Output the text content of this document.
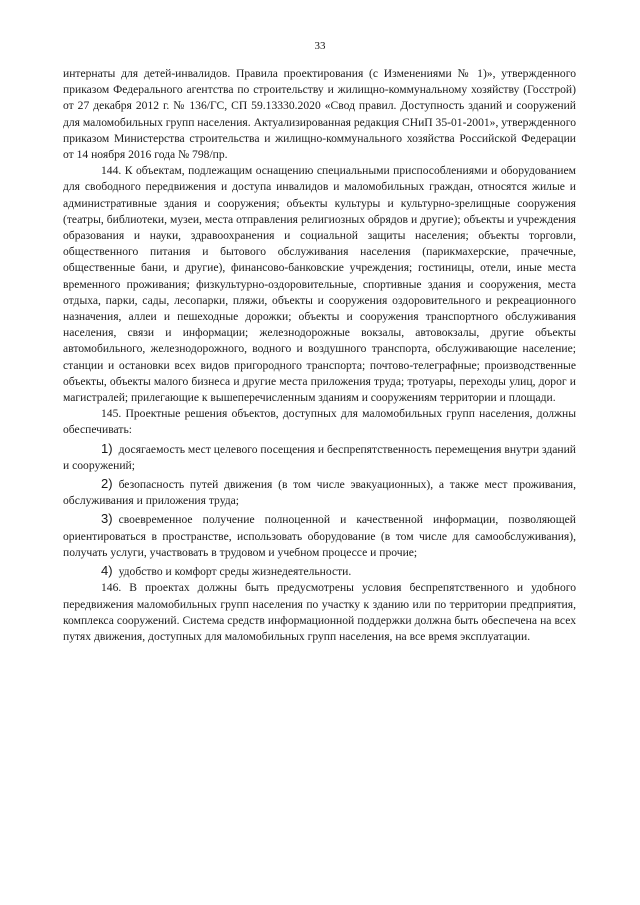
33

интернаты для детей-инвалидов. Правила проектирования (с Изменениями № 1)», утвержденного приказом Федерального агентства по строительству и жилищно-коммунальному хозяйству (Госстрой) от 27 декабря 2012 г. № 136/ГС, СП 59.13330.2020 «Свод правил. Доступность зданий и сооружений для маломобильных групп населения. Актуализированная редакция СНиП 35-01-2001», утвержденного приказом Министерства строительства и жилищно-коммунального хозяйства Российской Федерации от 14 ноября 2016 года № 798/пр.

144. К объектам, подлежащим оснащению специальными приспособлениями и оборудованием для свободного передвижения и доступа инвалидов и маломобильных граждан, относятся жилые и административные здания и сооружения; объекты культуры и культурно-зрелищные сооружения (театры, библиотеки, музеи, места отправления религиозных обрядов и другие); объекты и учреждения образования и науки, здравоохранения и социальной защиты населения; объекты торговли, общественного питания и бытового обслуживания населения (парикмахерские, прачечные, общественные бани, и другие), финансово-банковские учреждения; гостиницы, отели, иные места временного проживания; физкультурно-оздоровительные, спортивные здания и сооружения, места отдыха, парки, сады, лесопарки, пляжи, объекты и сооружения оздоровительного и рекреационного назначения, аллеи и пешеходные дорожки; объекты и сооружения транспортного обслуживания населения, связи и информации; железнодорожные вокзалы, автовокзалы, другие объекты автомобильного, железнодорожного, водного и воздушного транспорта, обслуживающие население; станции и остановки всех видов пригородного транспорта; почтово-телеграфные; производственные объекты, объекты малого бизнеса и другие места приложения труда; тротуары, переходы улиц, дорог и магистралей; прилегающие к вышеперечисленным зданиям и сооружениям территории и площади.

145. Проектные решения объектов, доступных для маломобильных групп населения, должны обеспечивать:

1) досягаемость мест целевого посещения и беспрепятственность перемещения внутри зданий и сооружений;

2) безопасность путей движения (в том числе эвакуационных), а также мест проживания, обслуживания и приложения труда;

3) своевременное получение полноценной и качественной информации, позволяющей ориентироваться в пространстве, использовать оборудование (в том числе для самообслуживания), получать услуги, участвовать в трудовом и учебном процессе и прочие;

4) удобство и комфорт среды жизнедеятельности.

146. В проектах должны быть предусмотрены условия беспрепятственного и удобного передвижения маломобильных групп населения по участку к зданию или по территории предприятия, комплекса сооружений. Система средств информационной поддержки должна быть обеспечена на всех путях движения, доступных для маломобильных групп населения, на все время эксплуатации.
